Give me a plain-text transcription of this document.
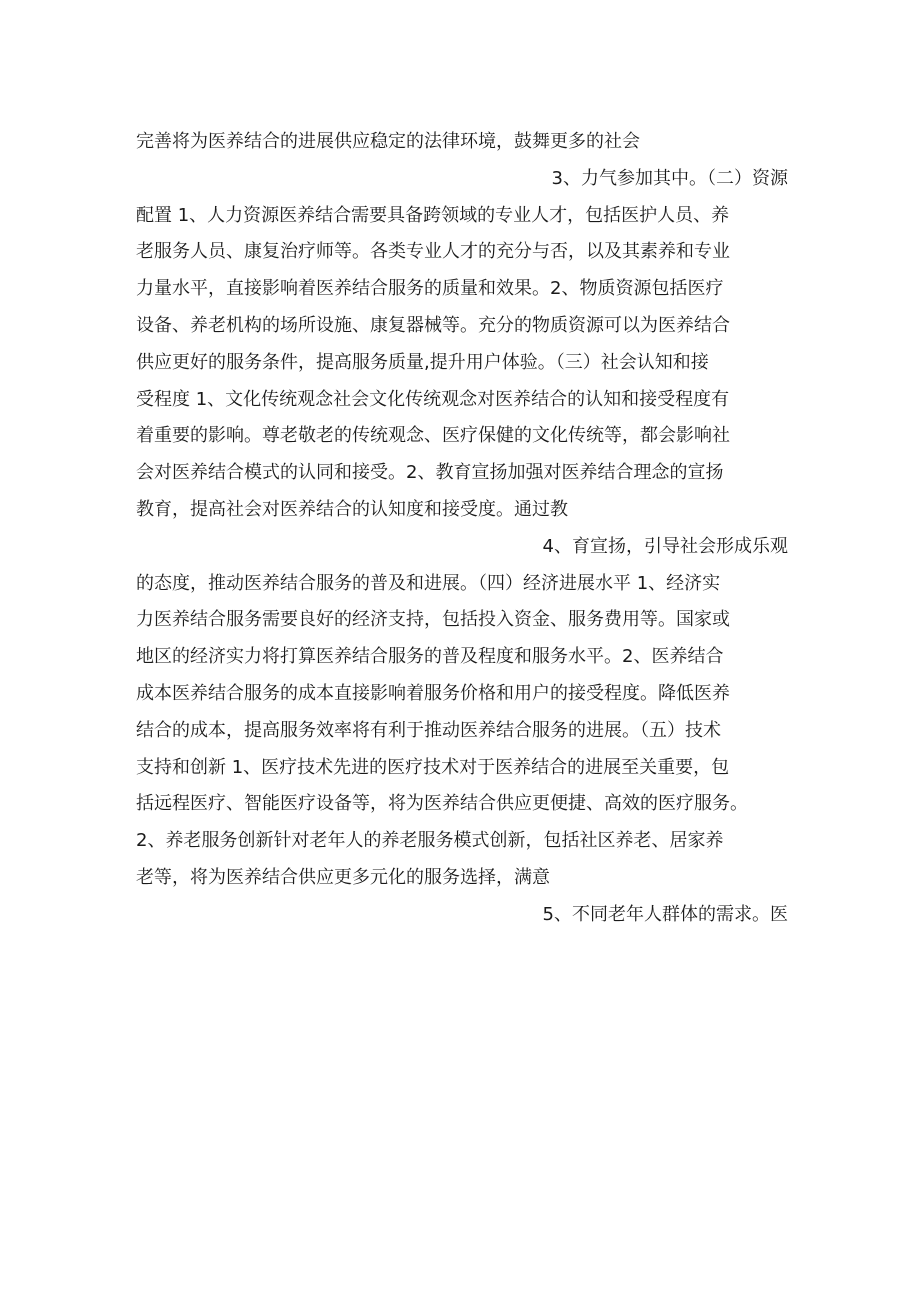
完善将为医养结合的进展供应稳定的法律环境，鼓舞更多的社会
3、力气参加其中。（二）资源
配置 1、人力资源医养结合需要具备跨领域的专业人才，包括医护人员、养
老服务人员、康复治疗师等。各类专业人才的充分与否，以及其素养和专业
力量水平，直接影响着医养结合服务的质量和效果。2、物质资源包括医疗
设备、养老机构的场所设施、康复器械等。充分的物质资源可以为医养结合
供应更好的服务条件，提高服务质量,提升用户体验。（三）社会认知和接
受程度 1、文化传统观念社会文化传统观念对医养结合的认知和接受程度有
着重要的影响。尊老敬老的传统观念、医疗保健的文化传统等，都会影响社
会对医养结合模式的认同和接受。2、教育宣扬加强对医养结合理念的宣扬
教育，提高社会对医养结合的认知度和接受度。通过教
4、育宣扬，引导社会形成乐观
的态度，推动医养结合服务的普及和进展。（四）经济进展水平 1、经济实
力医养结合服务需要良好的经济支持，包括投入资金、服务费用等。国家或
地区的经济实力将打算医养结合服务的普及程度和服务水平。2、医养结合
成本医养结合服务的成本直接影响着服务价格和用户的接受程度。降低医养
结合的成本，提高服务效率将有利于推动医养结合服务的进展。（五）技术
支持和创新 1、医疗技术先进的医疗技术对于医养结合的进展至关重要，包
括远程医疗、智能医疗设备等，将为医养结合供应更便捷、高效的医疗服务。
2、养老服务创新针对老年人的养老服务模式创新，包括社区养老、居家养
老等，将为医养结合供应更多元化的服务选择，满意
5、不同老年人群体的需求。医
